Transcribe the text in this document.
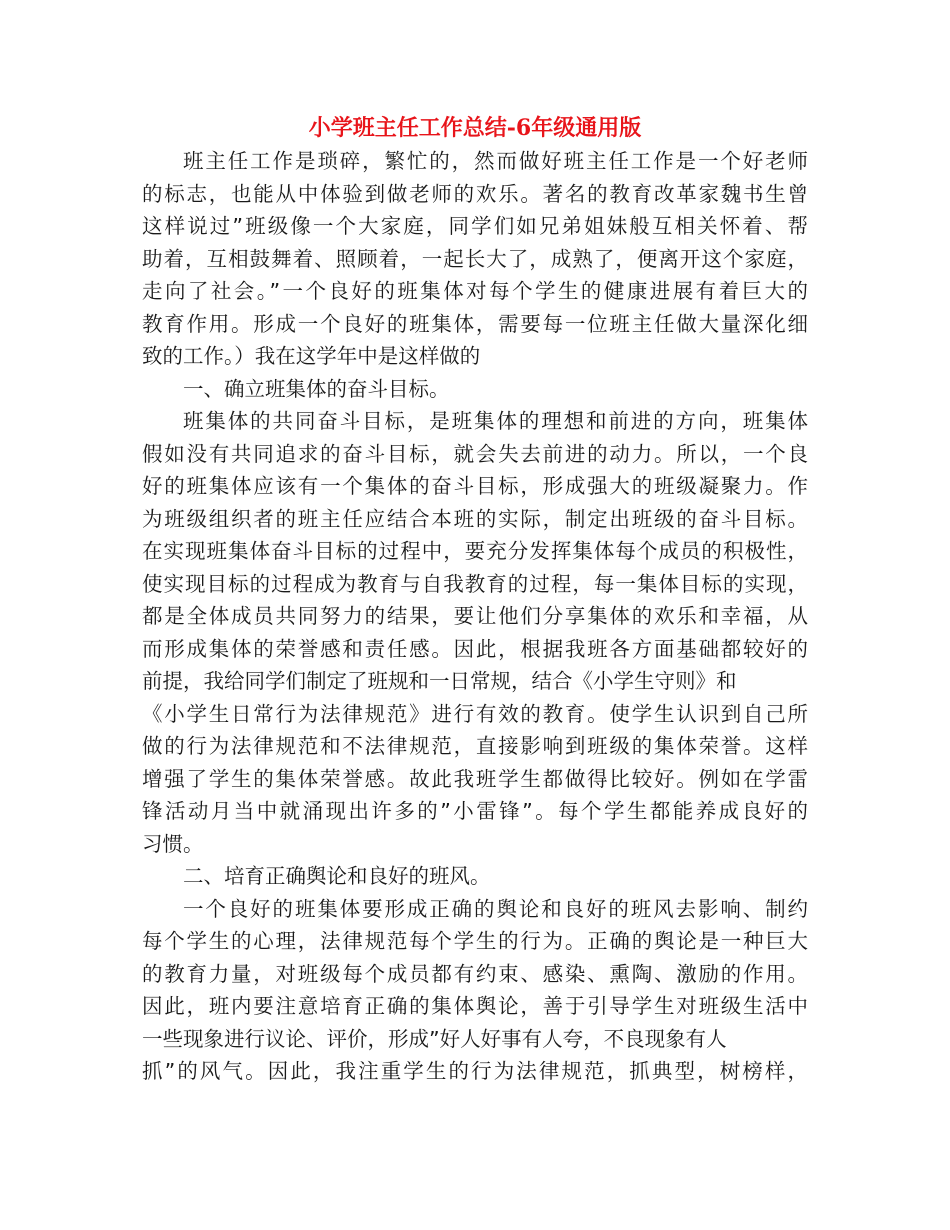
小学班主任工作总结-6年级通用版
班主任工作是琐碎，繁忙的，然而做好班主任工作是一个好老师
的标志，也能从中体验到做老师的欢乐。著名的教育改革家魏书生曾
这样说过”班级像一个大家庭，同学们如兄弟姐妹般互相关怀着、帮
助着，互相鼓舞着、照顾着，一起长大了，成熟了，便离开这个家庭，
走向了社会。”一个良好的班集体对每个学生的健康进展有着巨大的
教育作用。形成一个良好的班集体，需要每一位班主任做大量深化细
致的工作。）我在这学年中是这样做的
一、确立班集体的奋斗目标。
班集体的共同奋斗目标，是班集体的理想和前进的方向，班集体
假如没有共同追求的奋斗目标，就会失去前进的动力。所以，一个良
好的班集体应该有一个集体的奋斗目标，形成强大的班级凝聚力。作
为班级组织者的班主任应结合本班的实际，制定出班级的奋斗目标。
在实现班集体奋斗目标的过程中，要充分发挥集体每个成员的积极性，
使实现目标的过程成为教育与自我教育的过程，每一集体目标的实现，
都是全体成员共同努力的结果，要让他们分享集体的欢乐和幸福，从
而形成集体的荣誉感和责任感。因此，根据我班各方面基础都较好的
前提，我给同学们制定了班规和一日常规，结合《小学生守则》和
《小学生日常行为法律规范》进行有效的教育。使学生认识到自己所
做的行为法律规范和不法律规范，直接影响到班级的集体荣誉。这样
增强了学生的集体荣誉感。故此我班学生都做得比较好。例如在学雷
锋活动月当中就涌现出许多的”小雷锋”。每个学生都能养成良好的
习惯。
二、培育正确舆论和良好的班风。
一个良好的班集体要形成正确的舆论和良好的班风去影响、制约
每个学生的心理，法律规范每个学生的行为。正确的舆论是一种巨大
的教育力量，对班级每个成员都有约束、感染、熏陶、激励的作用。
因此，班内要注意培育正确的集体舆论，善于引导学生对班级生活中
一些现象进行议论、评价，形成”好人好事有人夸，不良现象有人
抓”的风气。因此，我注重学生的行为法律规范，抓典型，树榜样，
